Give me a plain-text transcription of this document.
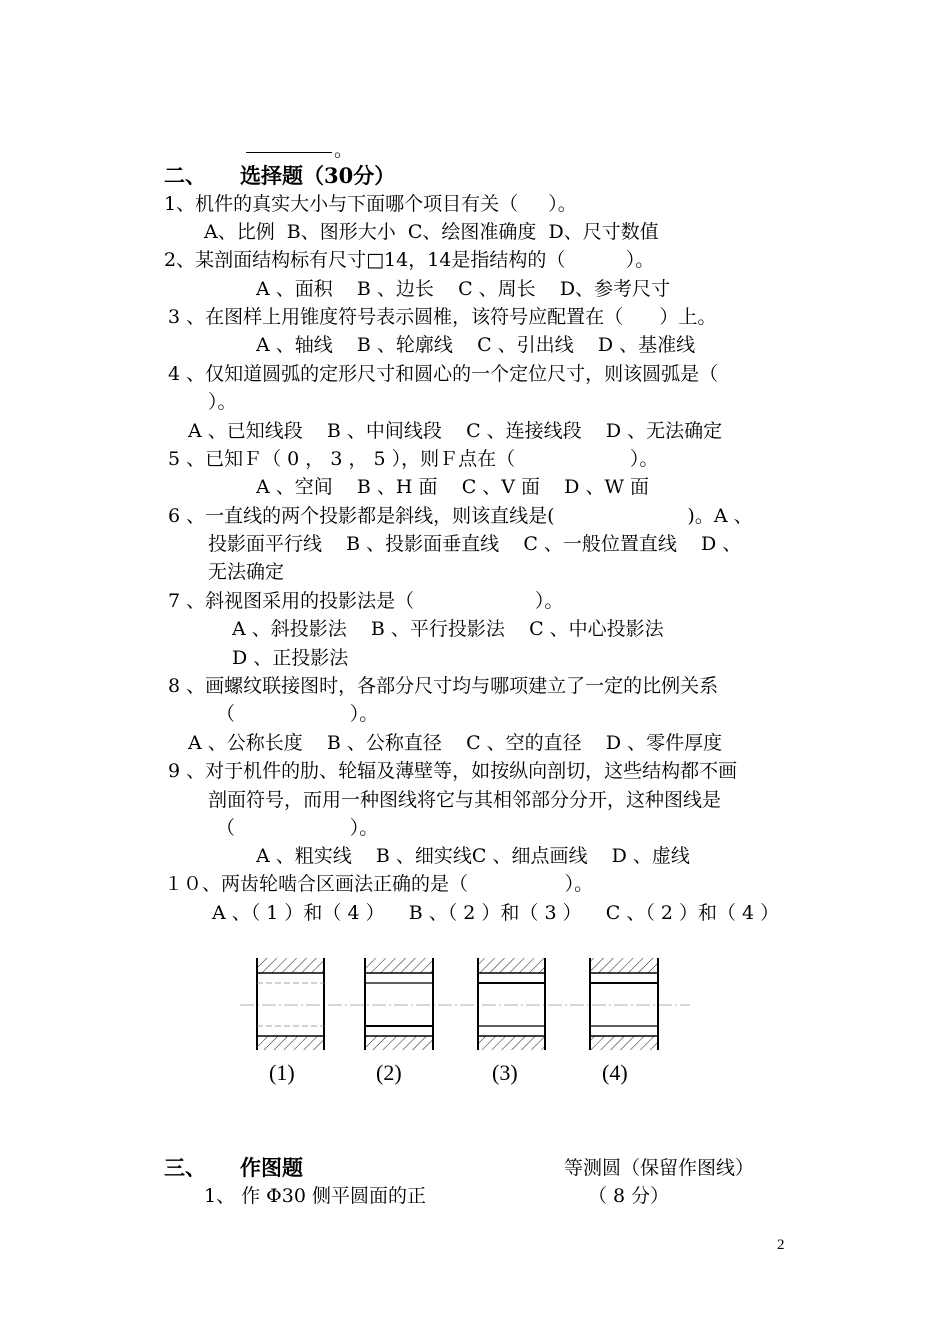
。
二、 选择题（30分）
1、机件的真实大小与下面哪个项目有关（     ）。
A、比例  B、图形大小  C、绘图准确度  D、尺寸数值
2、某剖面结构标有尺寸□14，14是指结构的（          ）。
A 、面积    B 、边长    C 、周长    D、参考尺寸
3 、在图样上用锥度符号表示圆椎，该符号应配置在（      ）上。
A 、轴线    B 、轮廓线    C 、引出线    D 、基准线
4 、仅知道圆弧的定形尺寸和圆心的一个定位尺寸，则该圆弧是（
）。
A 、已知线段    B 、中间线段    C 、连接线段    D 、无法确定
5 、已知Ｆ（ 0 ， 3 ， 5 ），则Ｆ点在（                   ）。
A 、空间    B 、H 面    C 、V 面    D 、W 面
6 、一直线的两个投影都是斜线，则该直线是(                      )。A 、
投影面平行线    B 、投影面垂直线    C 、一般位置直线    D 、
无法确定
7 、斜视图采用的投影法是（                    ）。
A 、斜投影法    B 、平行投影法    C 、中心投影法
D 、正投影法
8 、画螺纹联接图时，各部分尺寸均与哪项建立了一定的比例关系
（                   ）。
A 、公称长度    B 、公称直径    C 、空的直径    D 、零件厚度
9 、对于机件的肋、轮辐及薄壁等，如按纵向剖切，这些结构都不画
剖面符号，而用一种图线将它与其相邻部分分开，这种图线是
（                   ）。
A 、粗实线    B 、细实线C 、细点画线    D 、虚线
１０、两齿轮啮合区画法正确的是（                ）。
A 、（ 1 ）和（ 4 ）    B 、（ 2 ）和（ 3 ）    C 、（ 2 ）和（ 4 ）
(1)	(2)	(3)	(4)
三、 作图题	等测圆（保留作图线）
1、 作 Φ30 侧平圆面的正	（ 8 分）
2
